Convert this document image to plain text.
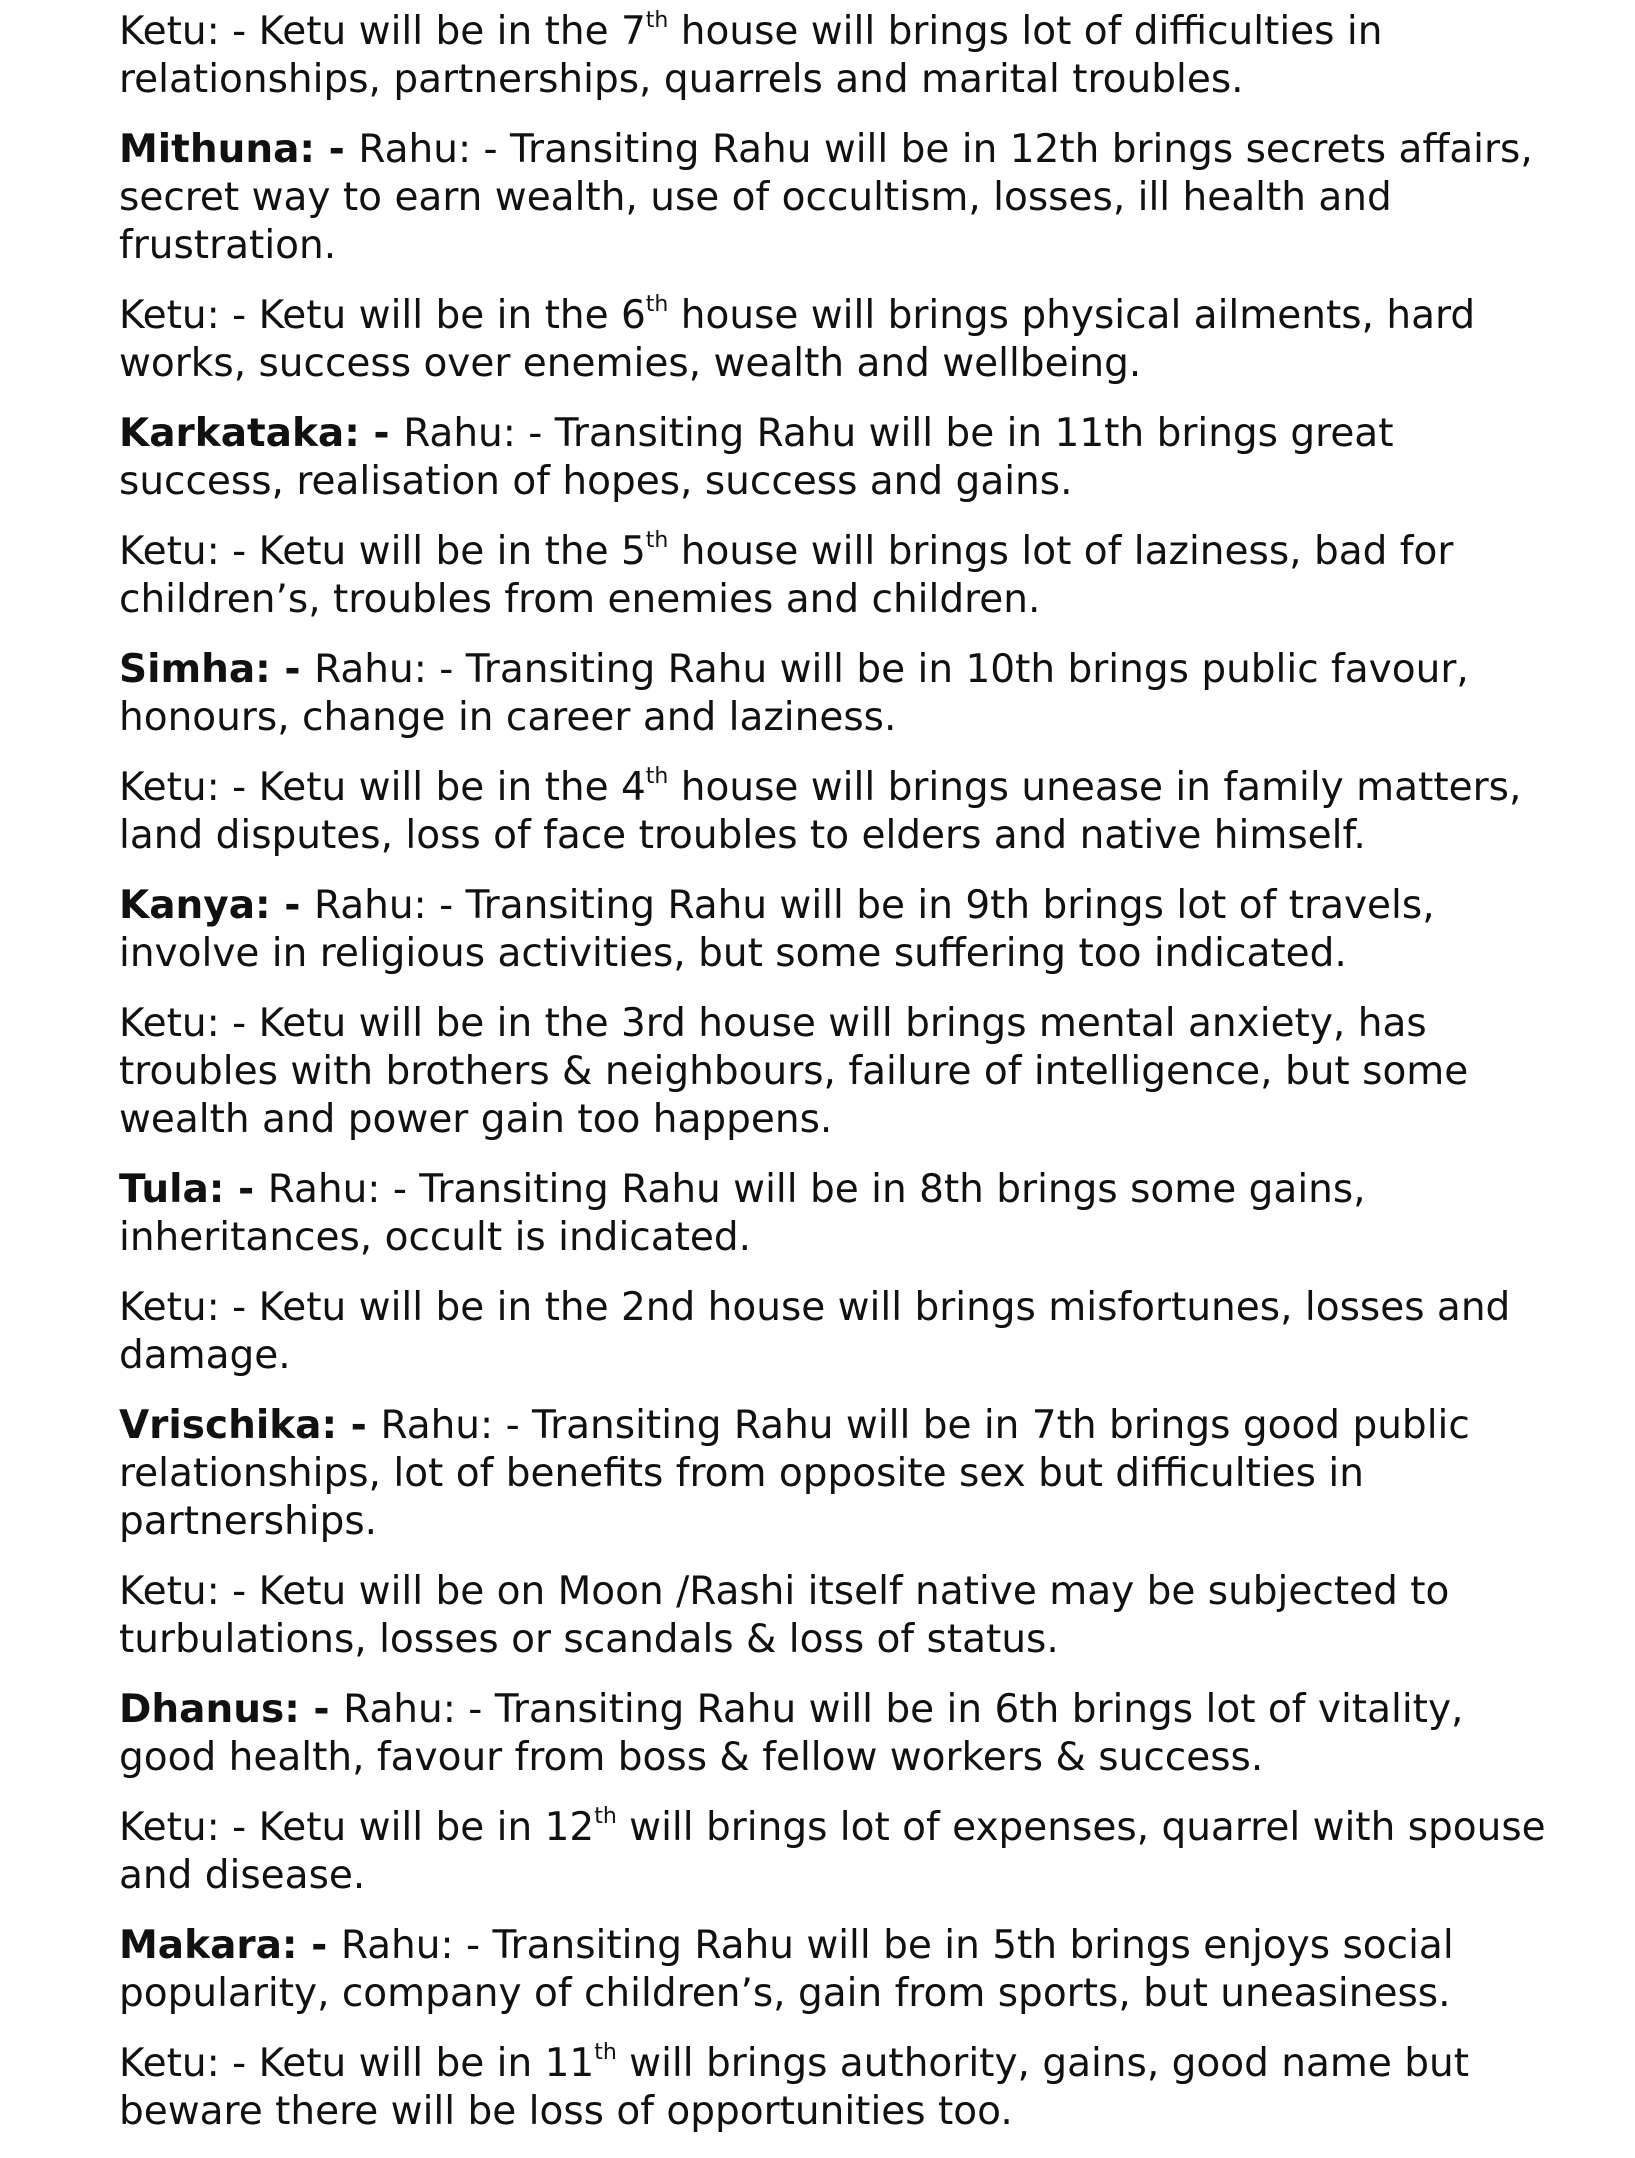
Ketu: - Ketu will be in the 7th house will brings lot of difficulties in relationships, partnerships, quarrels and marital troubles.

Mithuna: - Rahu: - Transiting Rahu will be in 12th brings secrets affairs, secret way to earn wealth, use of occultism, losses, ill health and frustration.

Ketu: - Ketu will be in the 6th house will brings physical ailments, hard works, success over enemies, wealth and wellbeing.

Karkataka: - Rahu: - Transiting Rahu will be in 11th brings great success, realisation of hopes, success and gains.

Ketu: - Ketu will be in the 5th house will brings lot of laziness, bad for children’s, troubles from enemies and children.

Simha: - Rahu: - Transiting Rahu will be in 10th brings public favour, honours, change in career and laziness.

Ketu: - Ketu will be in the 4th house will brings unease in family matters, land disputes, loss of face troubles to elders and native himself.

Kanya: - Rahu: - Transiting Rahu will be in 9th brings lot of travels, involve in religious activities, but some suffering too indicated.

Ketu: - Ketu will be in the 3rd house will brings mental anxiety, has troubles with brothers & neighbours, failure of intelligence, but some wealth and power gain too happens.

Tula: - Rahu: - Transiting Rahu will be in 8th brings some gains, inheritances, occult is indicated.

Ketu: - Ketu will be in the 2nd house will brings misfortunes, losses and damage.

Vrischika: - Rahu: - Transiting Rahu will be in 7th brings good public relationships, lot of benefits from opposite sex but difficulties in partnerships.

Ketu: - Ketu will be on Moon /Rashi itself native may be subjected to turbulations, losses or scandals & loss of status.

Dhanus: - Rahu: - Transiting Rahu will be in 6th brings lot of vitality, good health, favour from boss & fellow workers & success.

Ketu: - Ketu will be in 12th will brings lot of expenses, quarrel with spouse and disease.

Makara: - Rahu: - Transiting Rahu will be in 5th brings enjoys social popularity, company of children’s, gain from sports, but uneasiness.

Ketu: - Ketu will be in 11th will brings authority, gains, good name but beware there will be loss of opportunities too.
